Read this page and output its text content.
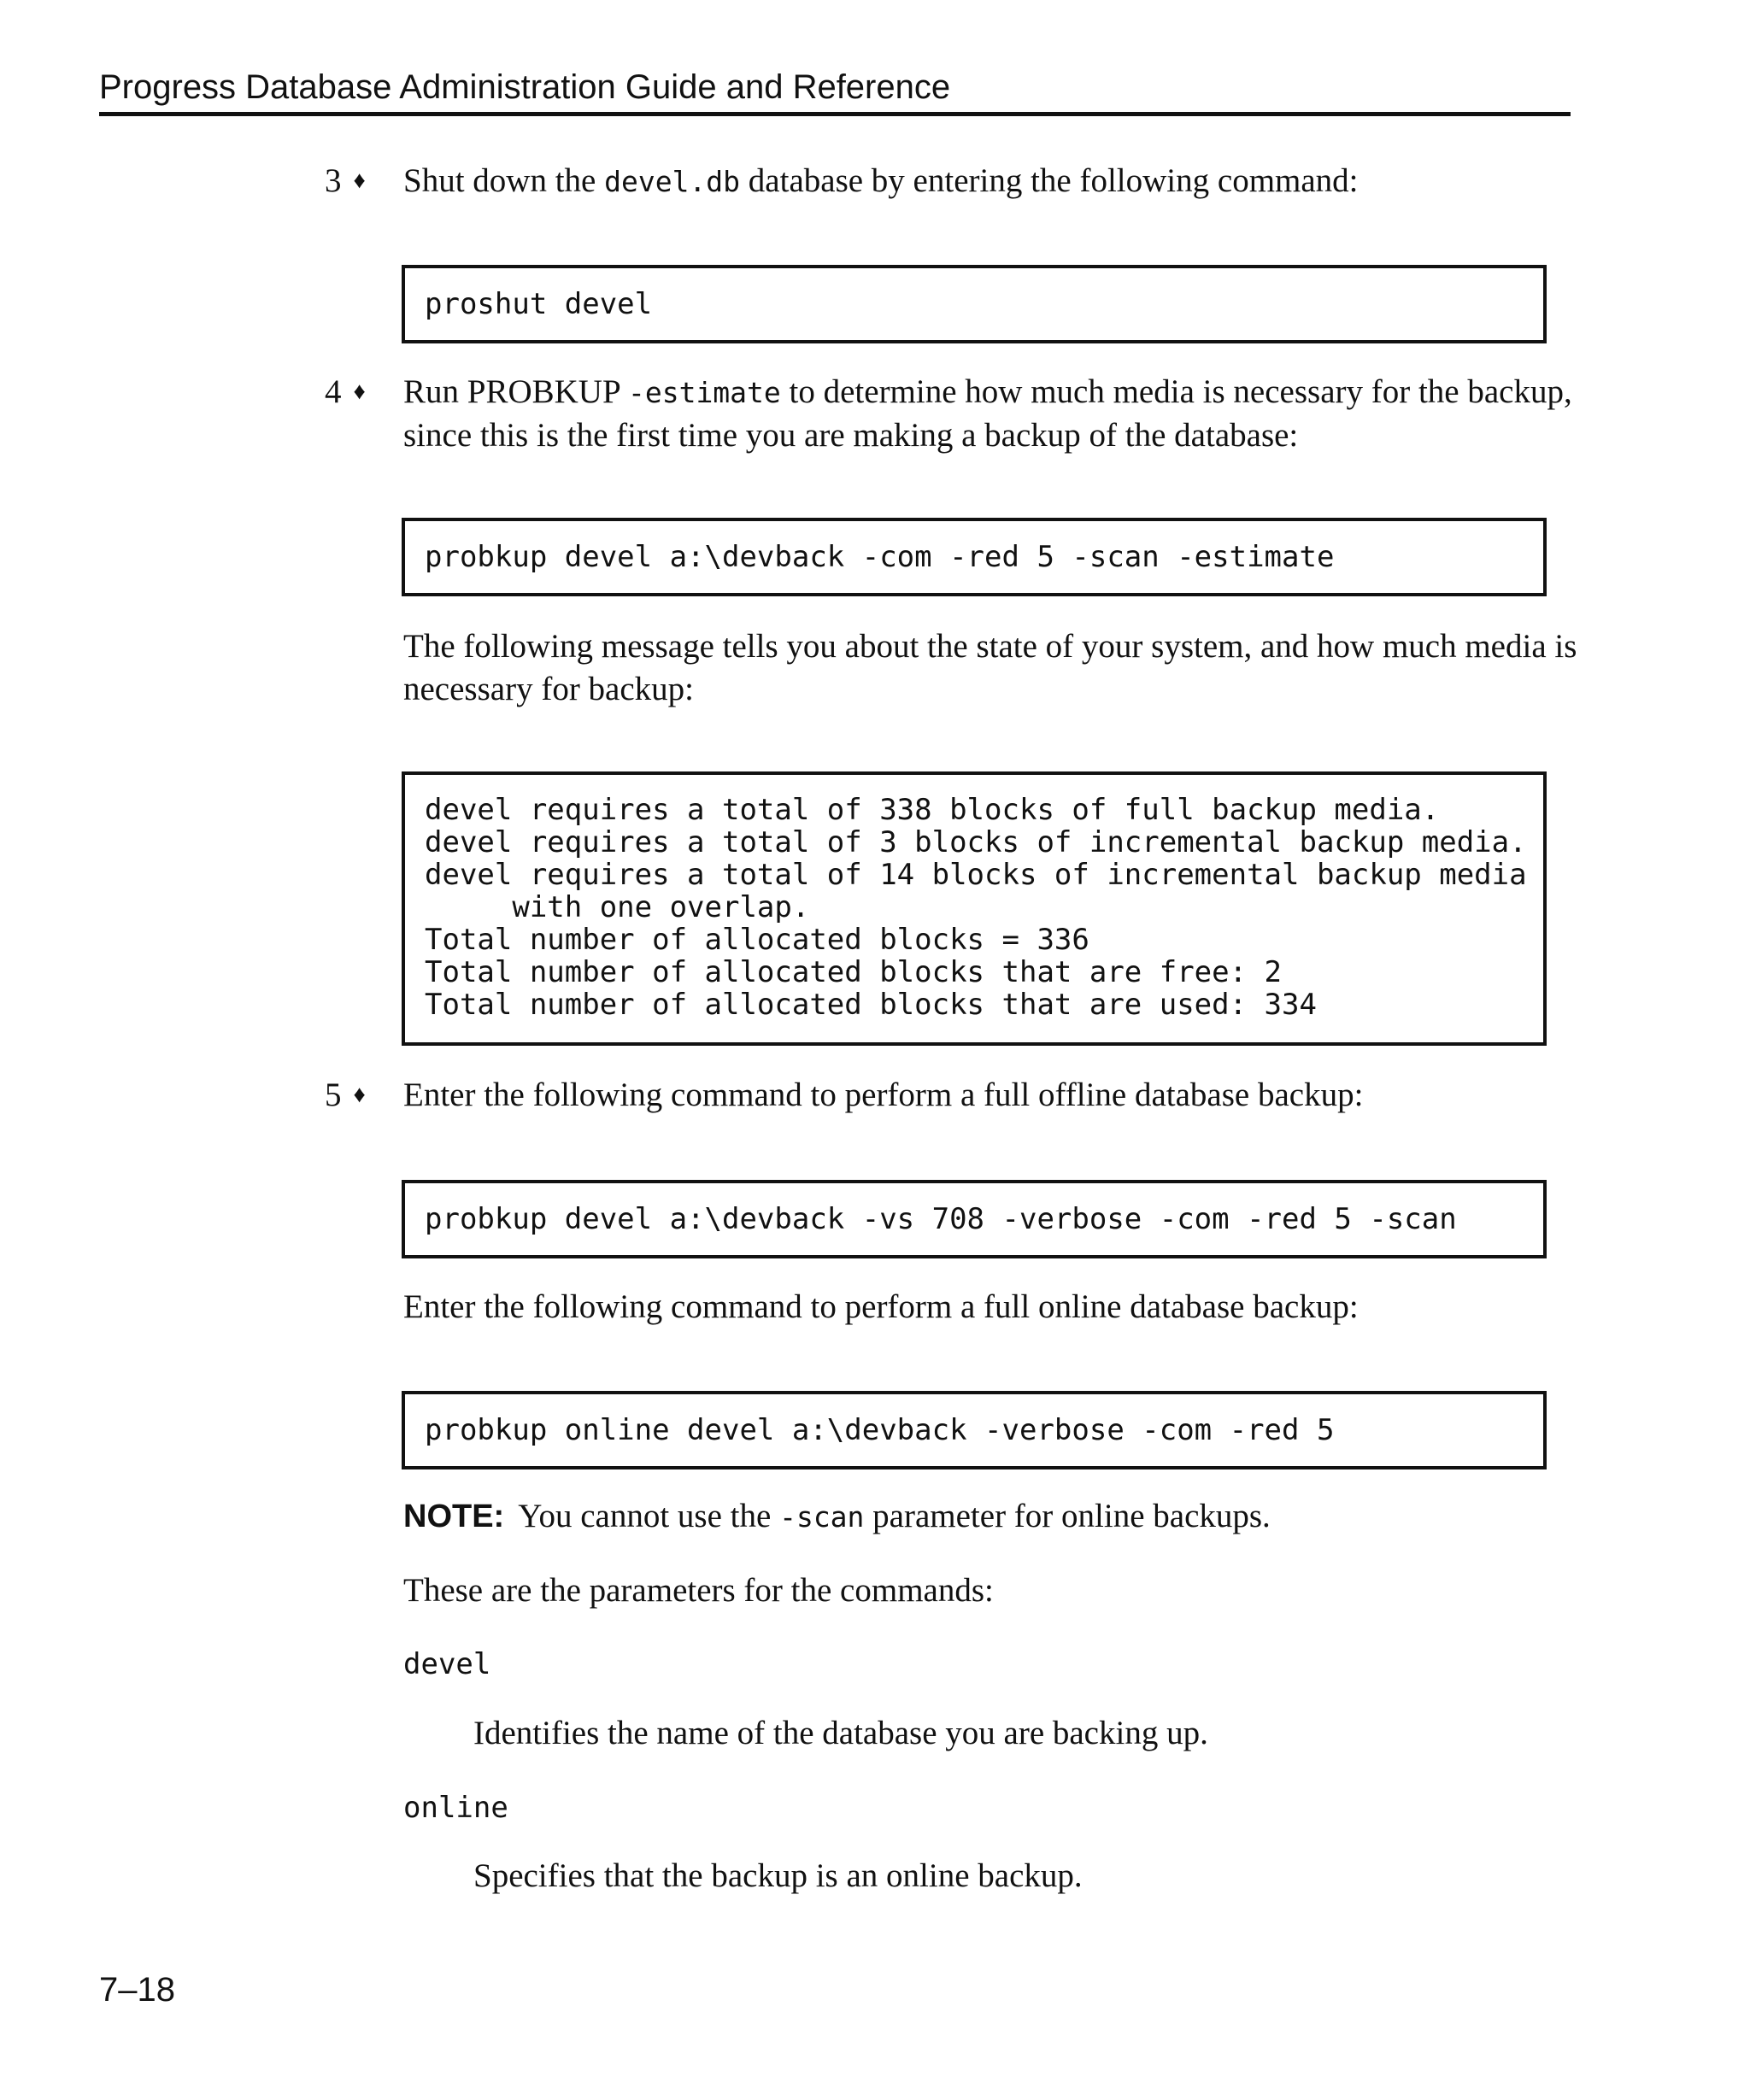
Progress Database Administration Guide and Reference
3 ♦	Shut down the devel.db database by entering the following command:
proshut devel
4 ♦	Run PROBKUP -estimate to determine how much media is necessary for the backup,
since this is the first time you are making a backup of the database:
probkup devel a:\devback -com -red 5 -scan -estimate
The following message tells you about the state of your system, and how much media is
necessary for backup:
devel requires a total of 338 blocks of full backup media.
devel requires a total of 3 blocks of incremental backup media.
devel requires a total of 14 blocks of incremental backup media
with one overlap.
Total number of allocated blocks = 336
Total number of allocated blocks that are free: 2
Total number of allocated blocks that are used: 334
5 ♦	Enter the following command to perform a full offline database backup:
probkup devel a:\devback -vs 708 -verbose -com -red 5 -scan
Enter the following command to perform a full online database backup:
probkup online devel a:\devback -verbose -com -red 5
NOTE: You cannot use the -scan parameter for online backups.
These are the parameters for the commands:
devel
Identifies the name of the database you are backing up.
online
Specifies that the backup is an online backup.
7–18
